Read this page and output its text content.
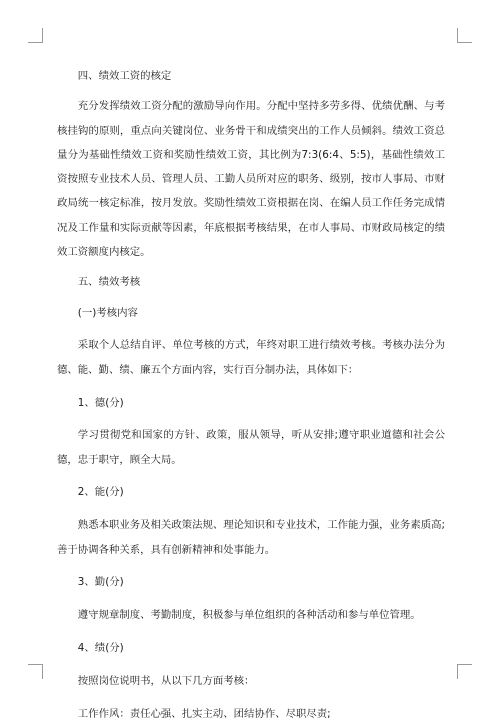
四、绩效工资的核定

充分发挥绩效工资分配的激励导向作用。分配中坚持多劳多得、优绩优酬、与考核挂钩的原则，重点向关键岗位、业务骨干和成绩突出的工作人员倾斜。绩效工资总量分为基础性绩效工资和奖励性绩效工资，其比例为7:3(6:4、5:5)，基础性绩效工资按照专业技术人员、管理人员、工勤人员所对应的职务、级别，按市人事局、市财政局统一核定标准，按月发放。奖励性绩效工资根据在岗、在编人员工作任务完成情况及工作量和实际贡献等因素，年底根据考核结果，在市人事局、市财政局核定的绩效工资额度内核定。

五、绩效考核

(一)考核内容

采取个人总结自评、单位考核的方式，年终对职工进行绩效考核。考核办法分为德、能、勤、绩、廉五个方面内容，实行百分制办法，具体如下：

1、德(分)

学习贯彻党和国家的方针、政策，服从领导，听从安排;遵守职业道德和社会公德，忠于职守，顾全大局。

2、能(分)

熟悉本职业务及相关政策法规、理论知识和专业技术，工作能力强，业务素质高;善于协调各种关系，具有创新精神和处事能力。

3、勤(分)

遵守规章制度、考勤制度，积极参与单位组织的各种活动和参与单位管理。

4、绩(分)

按照岗位说明书，从以下几方面考核：

工作作风：责任心强、扎实主动、团结协作、尽职尽责;
